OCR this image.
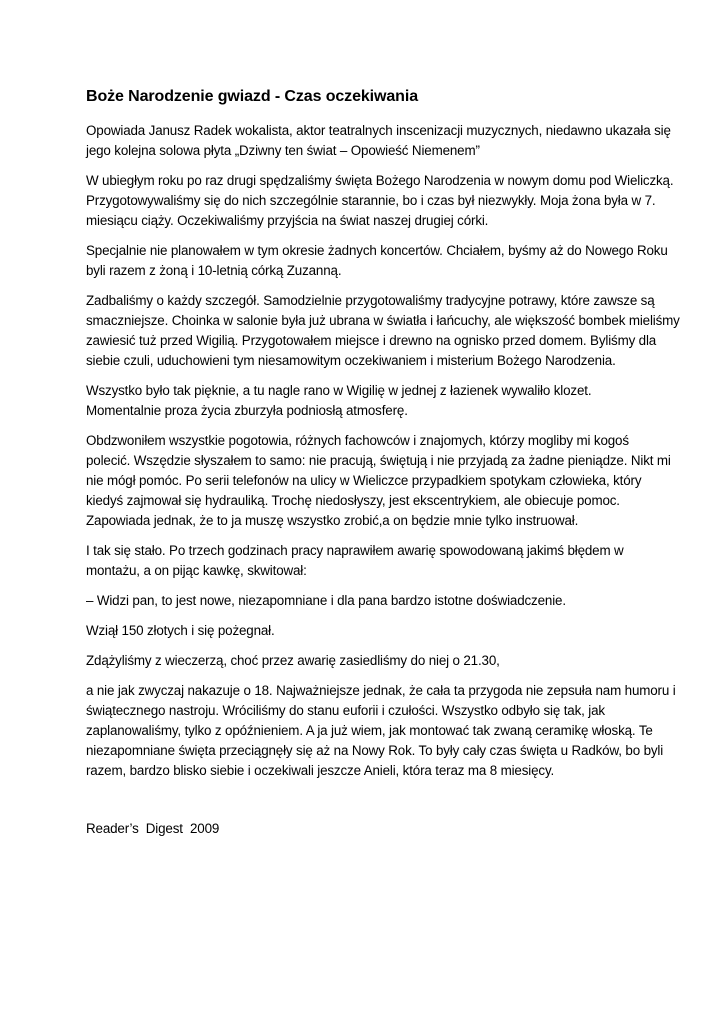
Boże Narodzenie gwiazd - Czas oczekiwania

Opowiada Janusz Radek wokalista, aktor teatralnych inscenizacji muzycznych, niedawno ukazała się
jego kolejna solowa płyta „Dziwny ten świat – Opowieść Niemenem”

W ubiegłym roku po raz drugi spędzaliśmy święta Bożego Narodzenia w nowym domu pod Wieliczką.
Przygotowywaliśmy się do nich szczególnie starannie, bo i czas był niezwykły. Moja żona była w 7.
miesiącu ciąży. Oczekiwaliśmy przyjścia na świat naszej drugiej córki.

Specjalnie nie planowałem w tym okresie żadnych koncertów. Chciałem, byśmy aż do Nowego Roku
byli razem z żoną i 10-letnią córką Zuzanną.

Zadbaliśmy o każdy szczegół. Samodzielnie przygotowaliśmy tradycyjne potrawy, które zawsze są
smaczniejsze. Choinka w salonie była już ubrana w światła i łańcuchy, ale większość bombek mieliśmy
zawiesić tuż przed Wigilią. Przygotowałem miejsce i drewno na ognisko przed domem. Byliśmy dla
siebie czuli, uduchowieni tym niesamowitym oczekiwaniem i misterium Bożego Narodzenia.

Wszystko było tak pięknie, a tu nagle rano w Wigilię w jednej z łazienek wywaliło klozet.
Momentalnie proza życia zburzyła podniosłą atmosferę.

Obdzwoniłem wszystkie pogotowia, różnych fachowców i znajomych, którzy mogliby mi kogoś
polecić. Wszędzie słyszałem to samo: nie pracują, świętują i nie przyjadą za żadne pieniądze. Nikt mi
nie mógł pomóc. Po serii telefonów na ulicy w Wieliczce przypadkiem spotykam człowieka, który
kiedyś zajmował się hydrauliką. Trochę niedosłyszy, jest ekscentrykiem, ale obiecuje pomoc.
Zapowiada jednak, że to ja muszę wszystko zrobić,a on będzie mnie tylko instruował.

I tak się stało. Po trzech godzinach pracy naprawiłem awarię spowodowaną jakimś błędem w
montażu, a on pijąc kawkę, skwitował:

– Widzi pan, to jest nowe, niezapomniane i dla pana bardzo istotne doświadczenie.

Wziął 150 złotych i się pożegnał.

Zdążyliśmy z wieczerzą, choć przez awarię zasiedliśmy do niej o 21.30,

a nie jak zwyczaj nakazuje o 18. Najważniejsze jednak, że cała ta przygoda nie zepsuła nam humoru i
świątecznego nastroju. Wróciliśmy do stanu euforii i czułości. Wszystko odbyło się tak, jak
zaplanowaliśmy, tylko z opóźnieniem. A ja już wiem, jak montować tak zwaną ceramikę włoską. Te
niezapomniane święta przeciągnęły się aż na Nowy Rok. To były cały czas święta u Radków, bo byli
razem, bardzo blisko siebie i oczekiwali jeszcze Anieli, która teraz ma 8 miesięcy.

Reader’s  Digest  2009
